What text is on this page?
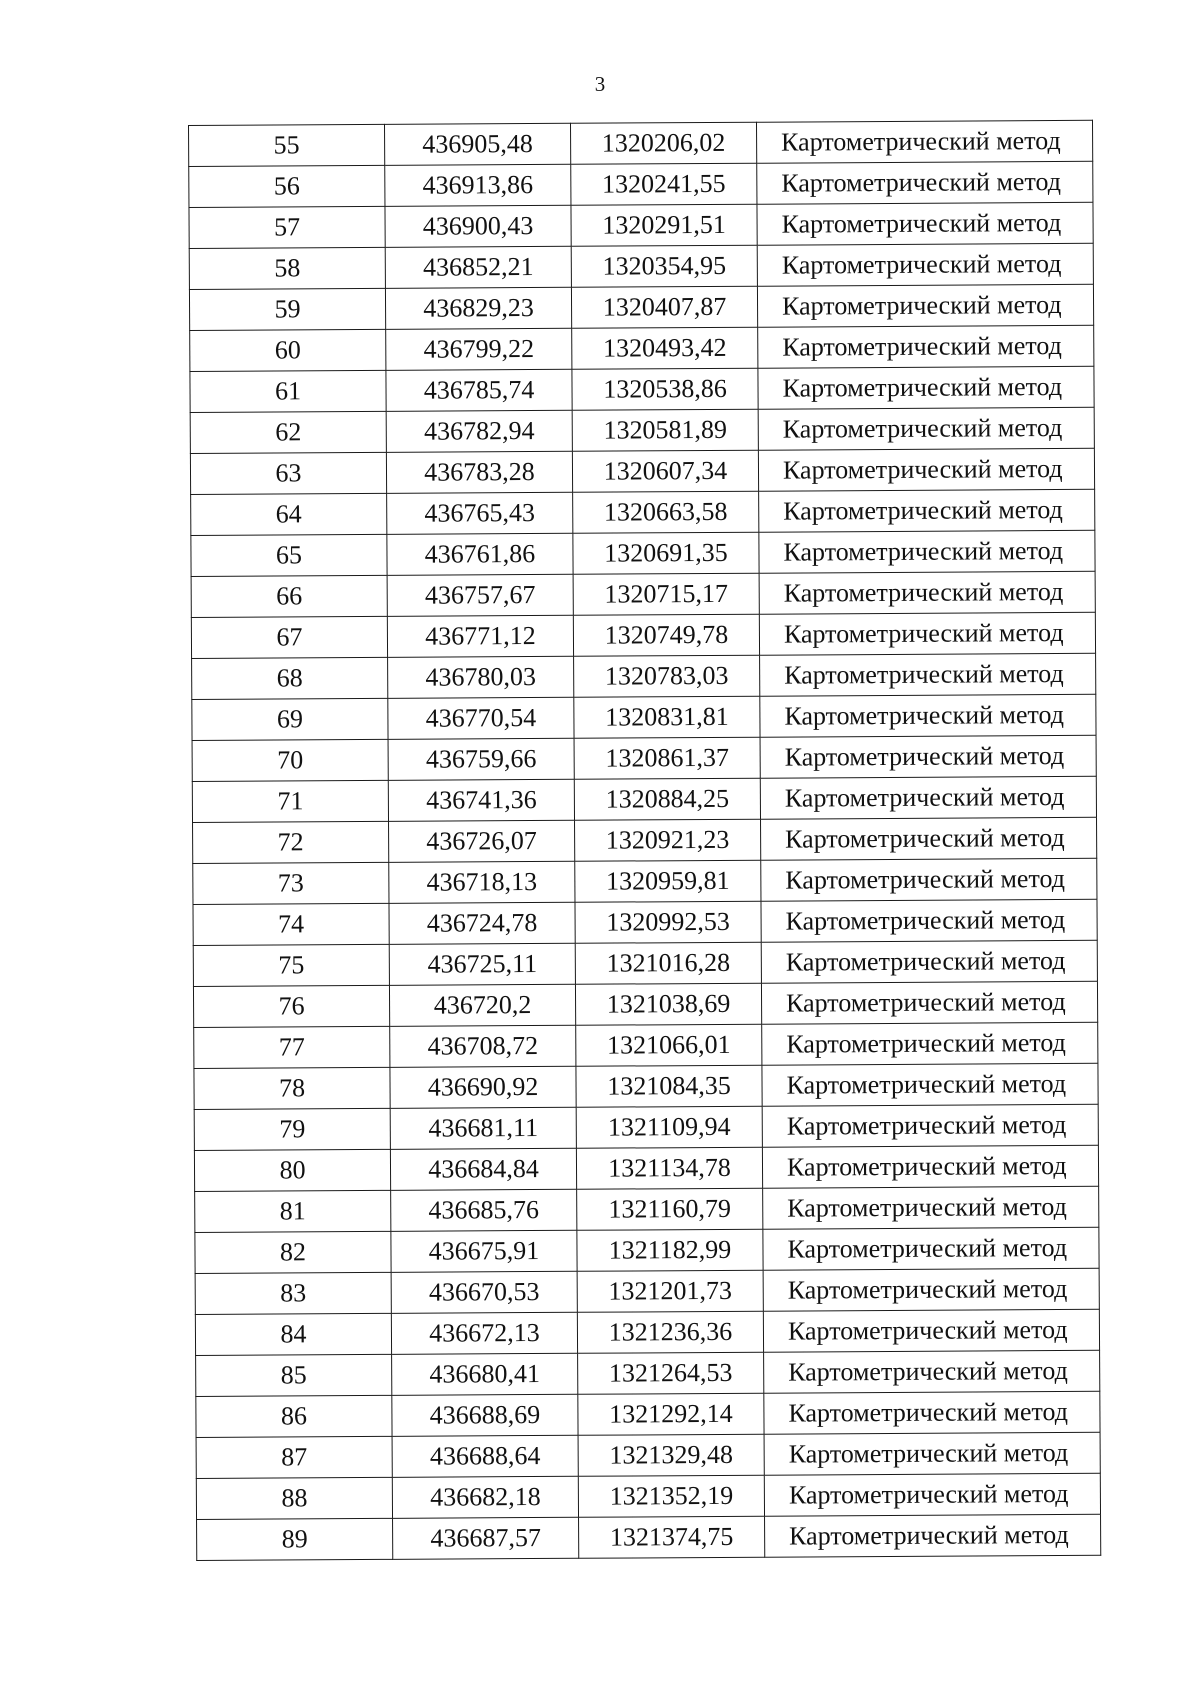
3
55	436905,48	1320206,02	Картометрический метод
56	436913,86	1320241,55	Картометрический метод
57	436900,43	1320291,51	Картометрический метод
58	436852,21	1320354,95	Картометрический метод
59	436829,23	1320407,87	Картометрический метод
60	436799,22	1320493,42	Картометрический метод
61	436785,74	1320538,86	Картометрический метод
62	436782,94	1320581,89	Картометрический метод
63	436783,28	1320607,34	Картометрический метод
64	436765,43	1320663,58	Картометрический метод
65	436761,86	1320691,35	Картометрический метод
66	436757,67	1320715,17	Картометрический метод
67	436771,12	1320749,78	Картометрический метод
68	436780,03	1320783,03	Картометрический метод
69	436770,54	1320831,81	Картометрический метод
70	436759,66	1320861,37	Картометрический метод
71	436741,36	1320884,25	Картометрический метод
72	436726,07	1320921,23	Картометрический метод
73	436718,13	1320959,81	Картометрический метод
74	436724,78	1320992,53	Картометрический метод
75	436725,11	1321016,28	Картометрический метод
76	436720,2	1321038,69	Картометрический метод
77	436708,72	1321066,01	Картометрический метод
78	436690,92	1321084,35	Картометрический метод
79	436681,11	1321109,94	Картометрический метод
80	436684,84	1321134,78	Картометрический метод
81	436685,76	1321160,79	Картометрический метод
82	436675,91	1321182,99	Картометрический метод
83	436670,53	1321201,73	Картометрический метод
84	436672,13	1321236,36	Картометрический метод
85	436680,41	1321264,53	Картометрический метод
86	436688,69	1321292,14	Картометрический метод
87	436688,64	1321329,48	Картометрический метод
88	436682,18	1321352,19	Картометрический метод
89	436687,57	1321374,75	Картометрический метод
